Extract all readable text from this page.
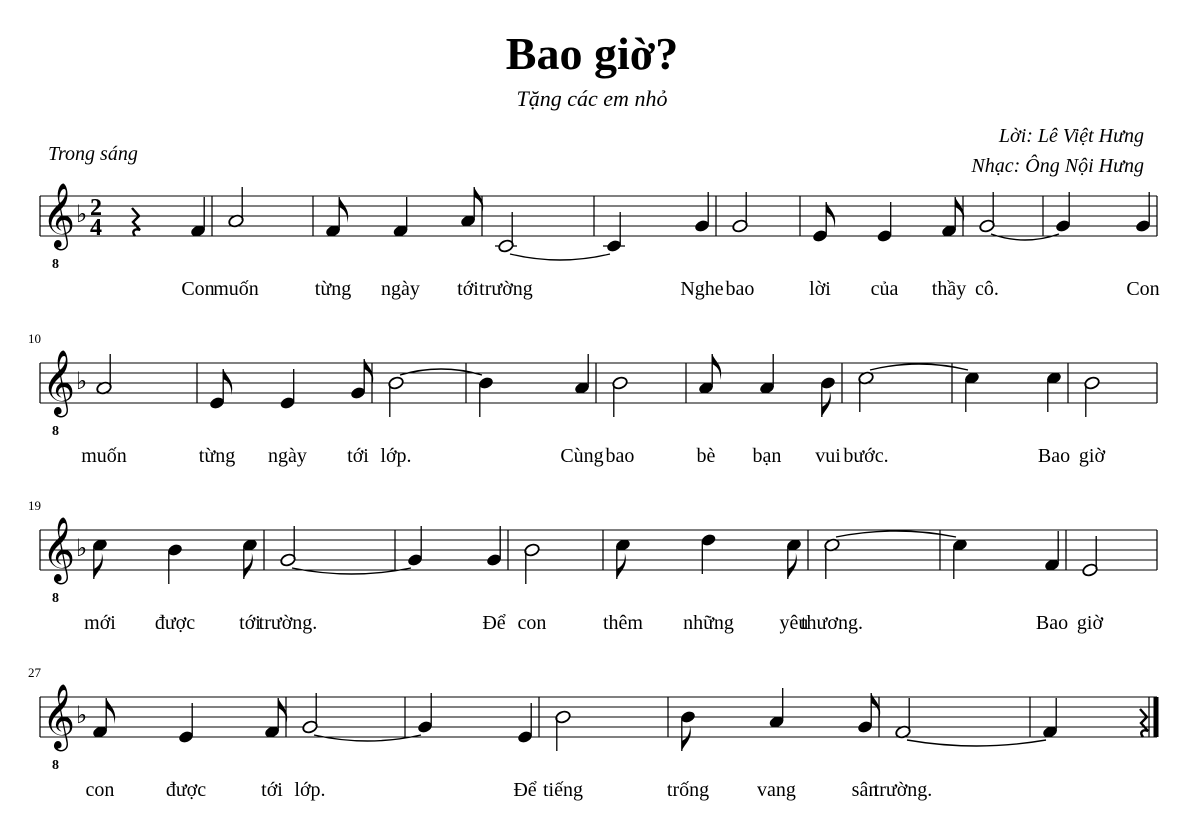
Bao giờ?
Tặng các em nhỏ
Trong sáng
Lời: Lê Việt Hưng
Nhạc: Ông Nội Hưng
𝄞
8
♭ 2
4
Con
muốn	từng ngày tới trường	Nghe bao	lời của thầy cô.	Con
𝄞
8
♭
10
muốn	từng ngày tới lớp.	Cùng bao	bè bạn vui bước.	Bao giờ
𝄞
8
♭
19
mới được tới
trường.	Để con	thêm những yêu
thương.	Bao giờ
𝄞
8
♭
27
con	được	tới lớp.	Để tiếng	trống vang	sân
trường.
